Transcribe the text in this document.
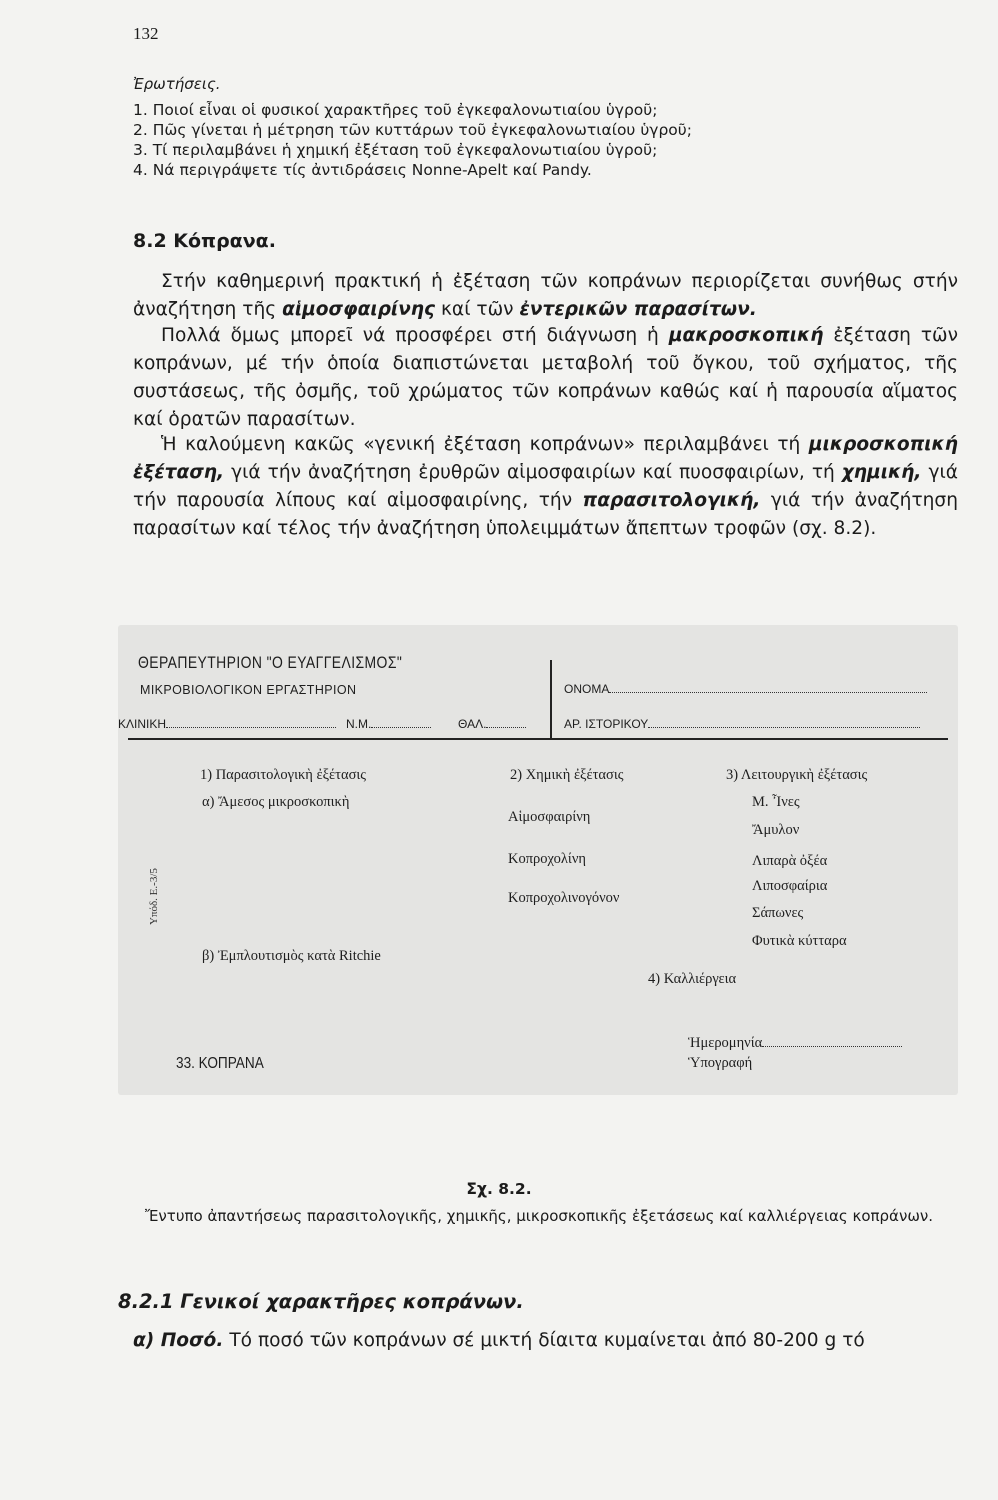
132
Ἐρωτήσεις.
1. Ποιοί εἶναι οἱ φυσικοί χαρακτῆρες τοῦ ἐγκεφαλονωτιαίου ὑγροῦ;
2. Πῶς γίνεται ἡ μέτρηση τῶν κυττάρων τοῦ ἐγκεφαλονωτιαίου ὑγροῦ;
3. Τί περιλαμβάνει ἡ χημική ἐξέταση τοῦ ἐγκεφαλονωτιαίου ὑγροῦ;
4. Νά περιγράψετε τίς ἀντιδράσεις Nonne-Apelt καί Pandy.
8.2 Κόπρανα.
Στήν καθημερινή πρακτική ἡ ἐξέταση τῶν κοπράνων περιορίζεται συνήθως στήν ἀναζήτηση τῆς αἱμοσφαιρίνης καί τῶν ἐντερικῶν παρασίτων.
Πολλά ὅμως μπορεῖ νά προσφέρει στή διάγνωση ἡ μακροσκοπική ἐξέταση τῶν κοπράνων, μέ τήν ὁποία διαπιστώνεται μεταβολή τοῦ ὄγκου, τοῦ σχήματος, τῆς συστάσεως, τῆς ὀσμῆς, τοῦ χρώματος τῶν κοπράνων καθώς καί ἡ παρουσία αἵματος καί ὁρατῶν παρασίτων.
Ἡ καλούμενη κακῶς «γενική ἐξέταση κοπράνων» περιλαμβάνει τή μικροσκοπική ἐξέταση, γιά τήν ἀναζήτηση ἐρυθρῶν αἱμοσφαιρίων καί πυοσφαιρίων, τή χημική, γιά τήν παρουσία λίπους καί αἱμοσφαιρίνης, τήν παρασιτολογική, γιά τήν ἀναζήτηση παρασίτων καί τέλος τήν ἀναζήτηση ὑπολειμμάτων ἄπεπτων τροφῶν (σχ. 8.2).
ΘΕΡΑΠΕΥΤΗΡΙΟΝ "Ο ΕΥΑΓΓΕΛΙΣΜΟΣ"
ΜΙΚΡΟΒΙΟΛΟΓΙΚΟΝ ΕΡΓΑΣΤΗΡΙΟΝ
ΚΛΙΝΙΚΗ	Ν.Μ.	ΘΑΛ.
ΟΝΟΜΑ
ΑΡ. ΙΣΤΟΡΙΚΟΥ
1) Παρασιτολογικὴ ἐξέτασις
α) Ἄμεσος μικροσκοπικὴ
β) Ἐμπλουτισμὸς κατὰ Ritchie
2) Χημικὴ ἐξέτασις
Αἱμοσφαιρίνη
Κοπροχολίνη
Κοπροχολινογόνον
3) Λειτουργικὴ ἐξέτασις
Μ. Ἶνες
Ἄμυλον
Λιπαρὰ ὀξέα
Λιποσφαίρια
Σάπωνες
Φυτικὰ κύτταρα
4) Καλλιέργεια
Ἡμερομηνία
Ὑπογραφή
Υπόδ. Ε.-3/5
33. ΚΟΠΡΑΝΑ
Σχ. 8.2.
Ἔντυπο ἀπαντήσεως παρασιτολογικῆς, χημικῆς, μικροσκοπικῆς ἐξετάσεως καί καλλιέργειας κοπράνων.
8.2.1 Γενικοί χαρακτῆρες κοπράνων.
α) Ποσό. Τό ποσό τῶν κοπράνων σέ μικτή δίαιτα κυμαίνεται ἀπό 80-200 g τό
